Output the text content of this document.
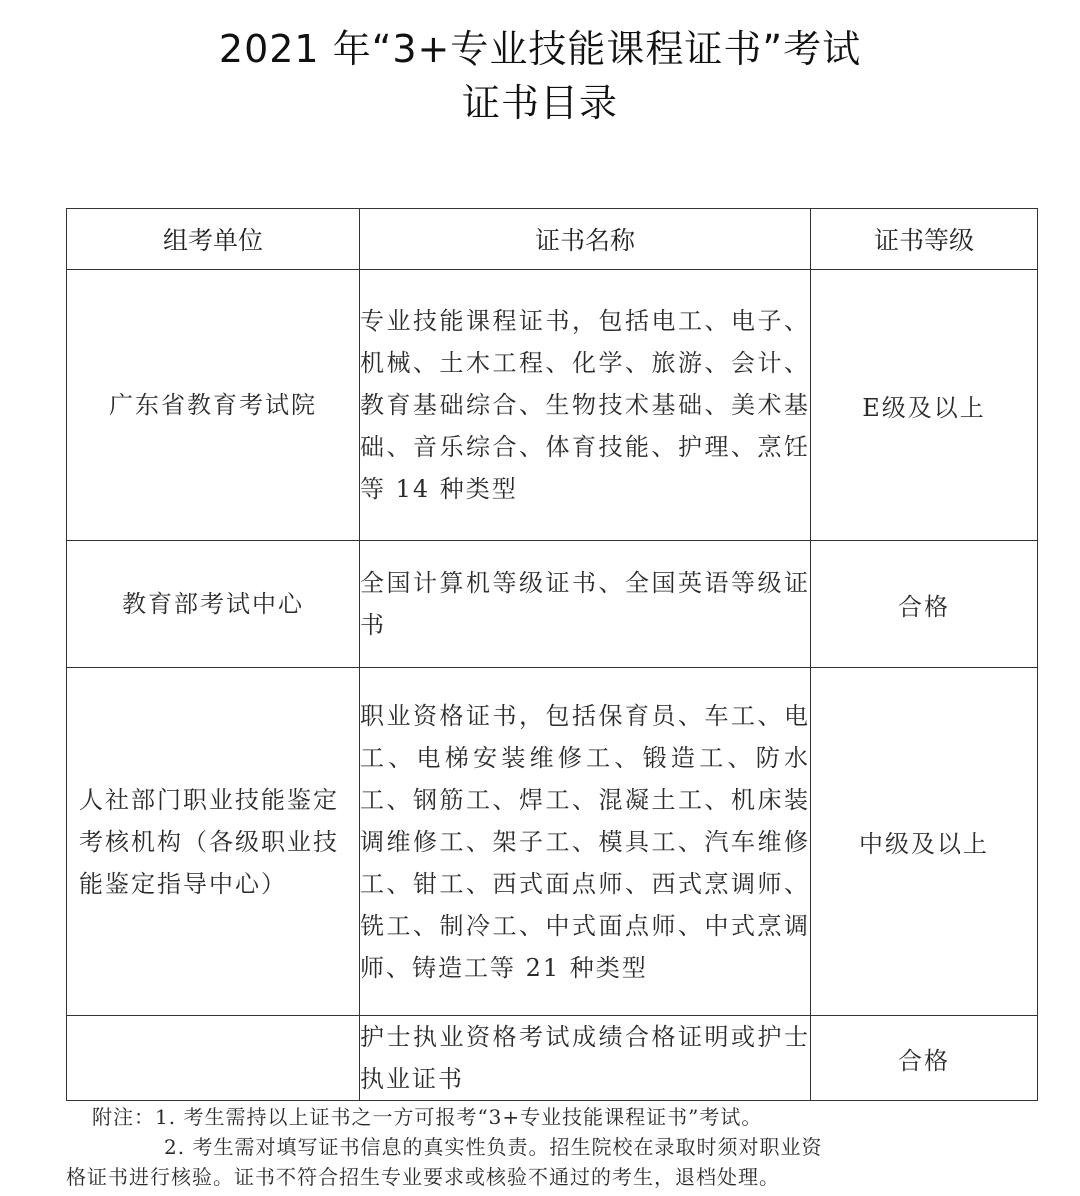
2021 年“3+专业技能课程证书”考试
证书目录
组考单位	证书名称	证书等级
广东省教育考试院	专业技能课程证书，包括电工、电子、机械、土木工程、化学、旅游、会计、教育基础综合、生物技术基础、美术基础、音乐综合、体育技能、护理、烹饪等 14 种类型	E级及以上
教育部考试中心	全国计算机等级证书、全国英语等级证书	合格
人社部门职业技能鉴定考核机构（各级职业技能鉴定指导中心）	职业资格证书，包括保育员、车工、电工、电梯安装维修工、锻造工、防水工、钢筋工、焊工、混凝土工、机床装调维修工、架子工、模具工、汽车维修工、钳工、西式面点师、西式烹调师、铣工、制冷工、中式面点师、中式烹调师、铸造工等 21 种类型	中级及以上
	护士执业资格考试成绩合格证明或护士执业证书	合格
附注：1. 考生需持以上证书之一方可报考“3+专业技能课程证书”考试。
2. 考生需对填写证书信息的真实性负责。招生院校在录取时须对职业资
格证书进行核验。证书不符合招生专业要求或核验不通过的考生，退档处理。
